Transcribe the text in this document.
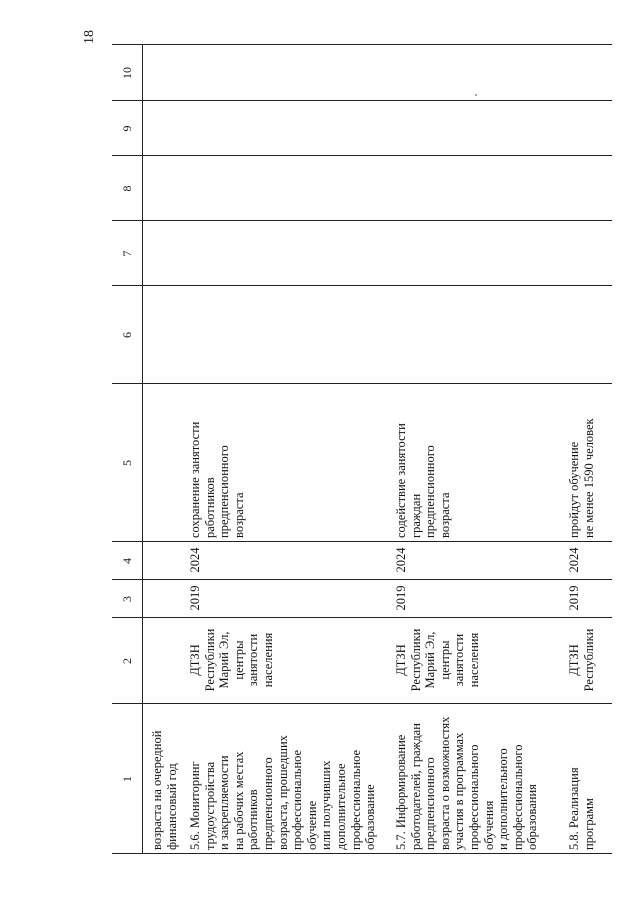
18
1
2
3
4
5
6
7
8
9
10
возраста на очередной
финансовый год
5.6. Мониторинг
трудоустройства
и закрепляемости
на рабочих местах
работников
предпенсионного
возраста, прошедших
профессиональное
обучение
или получивших
дополнительное
профессиональное
образование
ДТЗН
Республики
Марий Эл,
центры
занятости
населения
2019
2024
сохранение занятости
работников
предпенсионного
возраста
5.7. Информирование
работодателей, граждан
предпенсионного
возраста о возможностях
участия в программах
профессионального
обучения
и дополнительного
профессионального
образования
ДТЗН
Республики
Марий Эл,
центры
занятости
населения
2019
2024
содействие занятости
граждан
предпенсионного
возраста
5.8. Реализация
программ
ДТЗН
Республики
2019
2024
пройдут обучение
не менее 1590 человек
